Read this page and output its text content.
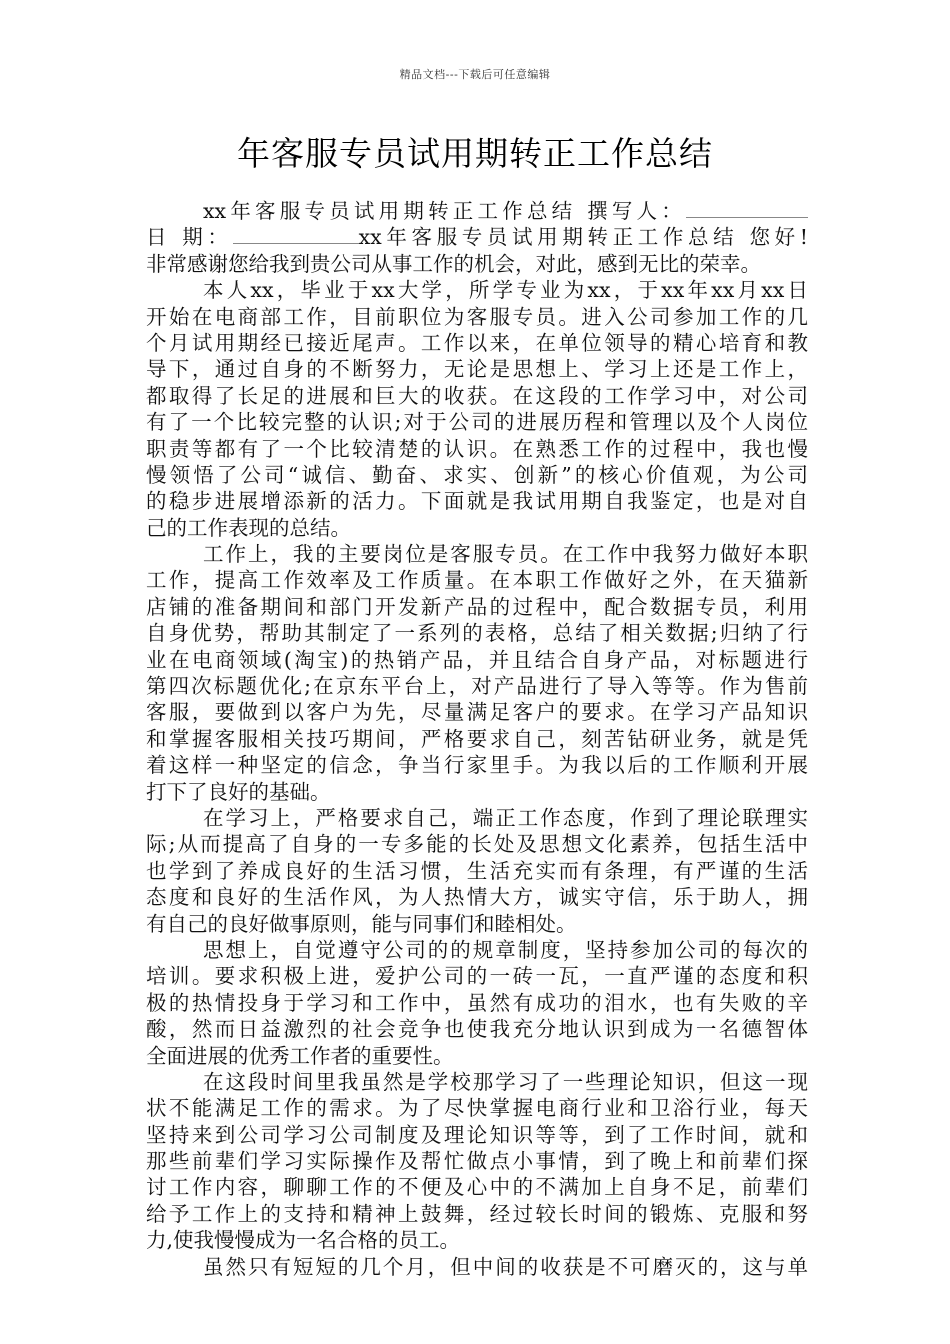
精品文档---下载后可任意编辑
年客服专员试用期转正工作总结
xx年客服专员试用期转正工作总结 撰写人：
日 期：	xx年客服专员试用期转正工作总结 您好!
非常感谢您给我到贵公司从事工作的机会，对此，感到无比的荣幸。
本人xx，毕业于xx大学，所学专业为xx，于xx年xx月xx日
开始在电商部工作，目前职位为客服专员。进入公司参加工作的几
个月试用期经已接近尾声。工作以来，在单位领导的精心培育和教
导下，通过自身的不断努力，无论是思想上、学习上还是工作上，
都取得了长足的进展和巨大的收获。在这段的工作学习中，对公司
有了一个比较完整的认识;对于公司的进展历程和管理以及个人岗位
职责等都有了一个比较清楚的认识。在熟悉工作的过程中，我也慢
慢领悟了公司“诚信、勤奋、求实、创新”的核心价值观，为公司
的稳步进展增添新的活力。下面就是我试用期自我鉴定，也是对自
己的工作表现的总结。
工作上，我的主要岗位是客服专员。在工作中我努力做好本职
工作，提高工作效率及工作质量。在本职工作做好之外，在天猫新
店铺的准备期间和部门开发新产品的过程中，配合数据专员，利用
自身优势，帮助其制定了一系列的表格，总结了相关数据;归纳了行
业在电商领域(淘宝)的热销产品，并且结合自身产品，对标题进行
第四次标题优化;在京东平台上，对产品进行了导入等等。作为售前
客服，要做到以客户为先，尽量满足客户的要求。在学习产品知识
和掌握客服相关技巧期间，严格要求自己，刻苦钻研业务，就是凭
着这样一种坚定的信念，争当行家里手。为我以后的工作顺利开展
打下了良好的基础。
在学习上，严格要求自己，端正工作态度，作到了理论联理实
际;从而提高了自身的一专多能的长处及思想文化素养，包括生活中
也学到了养成良好的生活习惯，生活充实而有条理，有严谨的生活
态度和良好的生活作风，为人热情大方，诚实守信，乐于助人，拥
有自己的良好做事原则，能与同事们和睦相处。
思想上，自觉遵守公司的的规章制度，坚持参加公司的每次的
培训。要求积极上进，爱护公司的一砖一瓦，一直严谨的态度和积
极的热情投身于学习和工作中，虽然有成功的泪水，也有失败的辛
酸，然而日益激烈的社会竞争也使我充分地认识到成为一名德智体
全面进展的优秀工作者的重要性。
在这段时间里我虽然是学校那学习了一些理论知识，但这一现
状不能满足工作的需求。为了尽快掌握电商行业和卫浴行业，每天
坚持来到公司学习公司制度及理论知识等等，到了工作时间，就和
那些前辈们学习实际操作及帮忙做点小事情，到了晚上和前辈们探
讨工作内容，聊聊工作的不便及心中的不满加上自身不足，前辈们
给予工作上的支持和精神上鼓舞，经过较长时间的锻炼、克服和努
力,使我慢慢成为一名合格的员工。
虽然只有短短的几个月，但中间的收获是不可磨灭的，这与单
